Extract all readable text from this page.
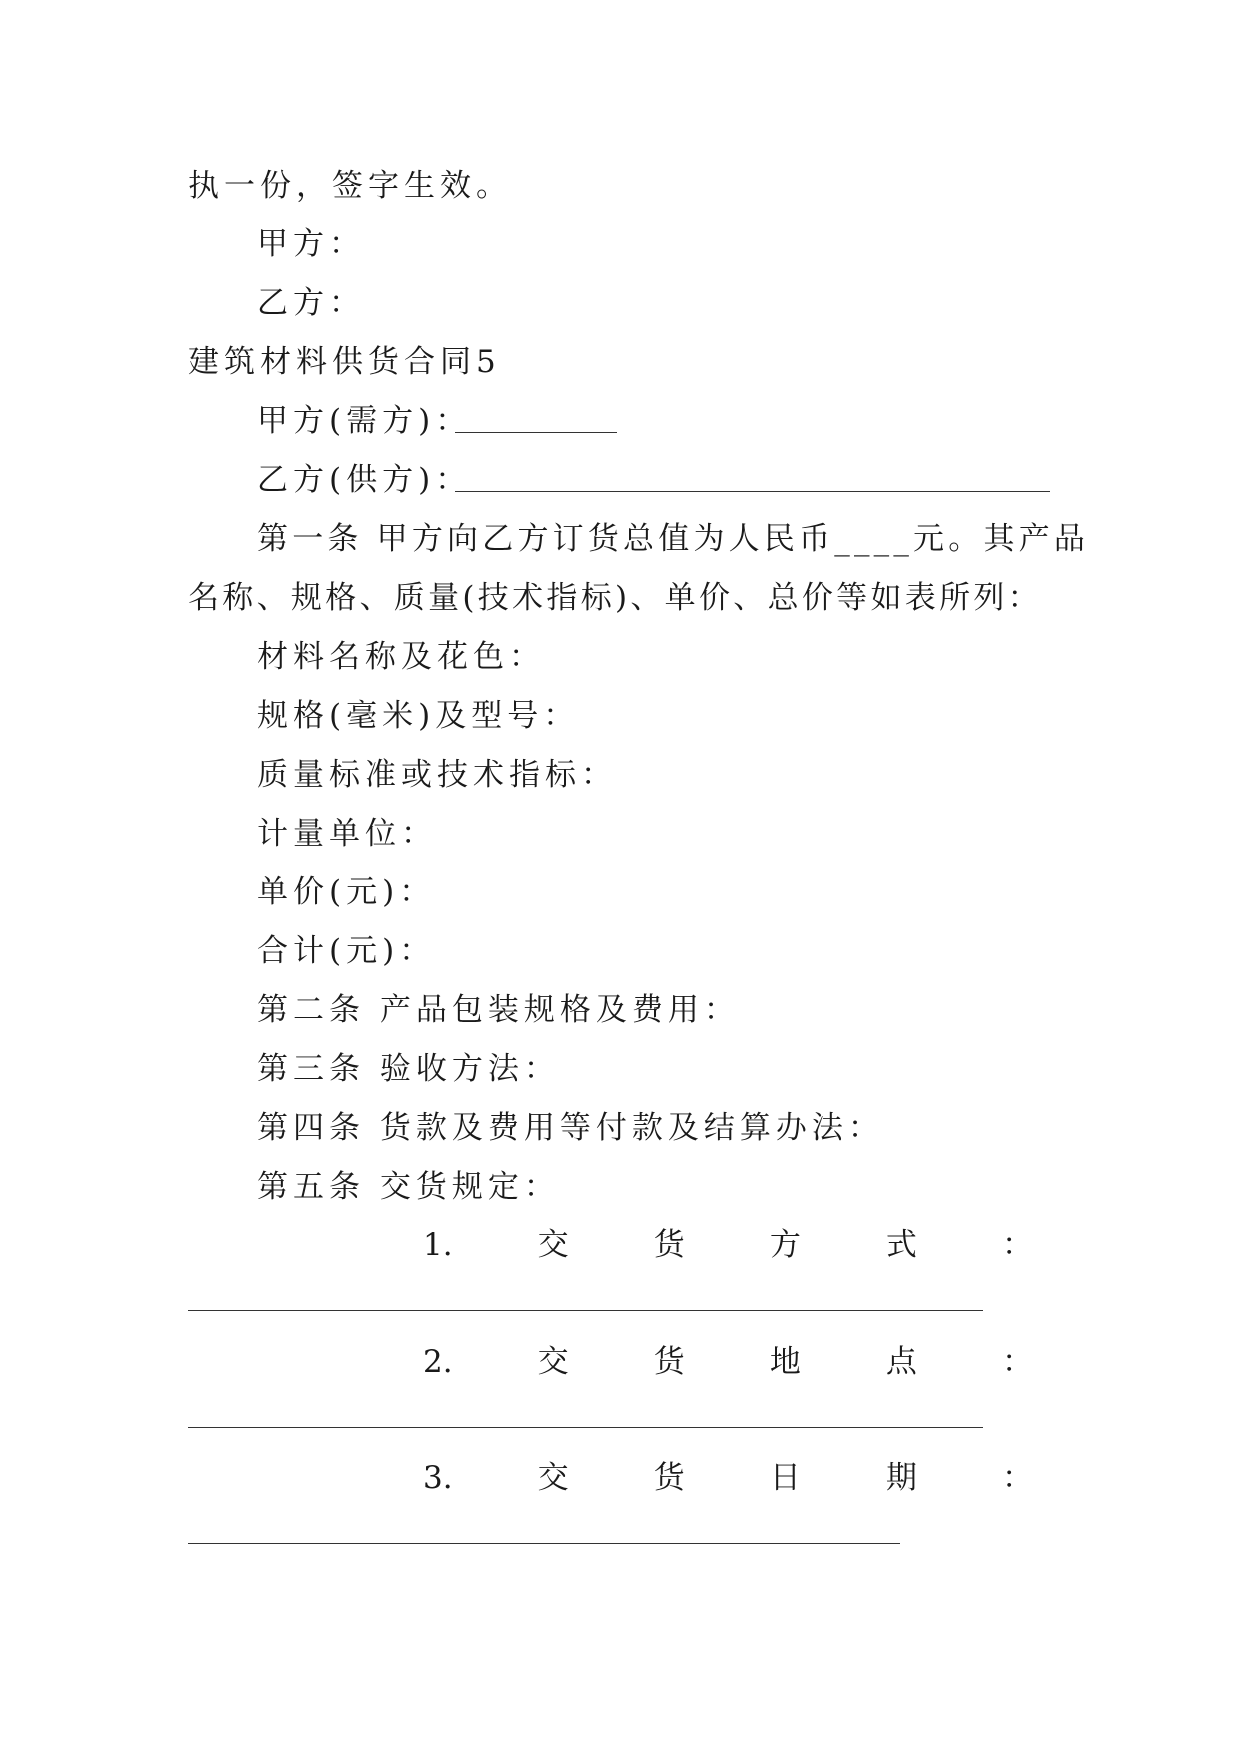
执一份，签字生效。
甲方：
乙方：
建筑材料供货合同5
甲方(需方)：
乙方(供方)：
第一条 甲方向乙方订货总值为人民币____元。其产品
名称、规格、质量(技术指标)、单价、总价等如表所列：
材料名称及花色：
规格(毫米)及型号：
质量标准或技术指标：
计量单位：
单价(元)：
合计(元)：
第二条 产品包装规格及费用：
第三条 验收方法：
第四条 货款及费用等付款及结算办法：
第五条 交货规定：
1.	交	货	方	式	：
2.	交	货	地	点	：
3.	交	货	日	期	：
